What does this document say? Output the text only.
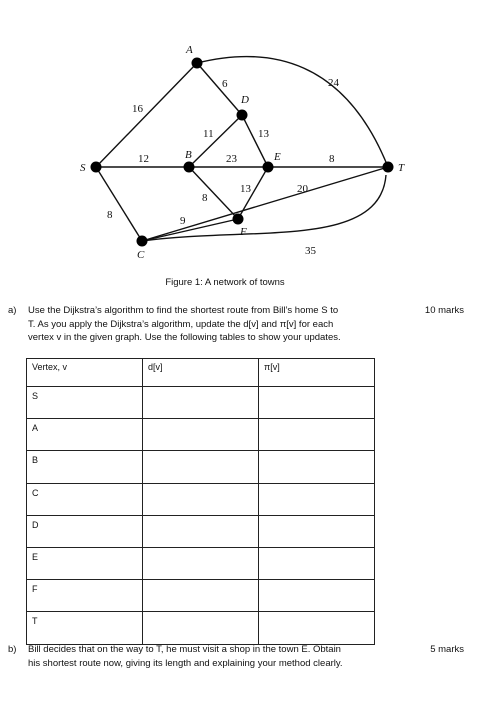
16
6	24
11	13
12	23	8
8
13
8	9
20
35
A
D
S
B	E
T
F
C
Figure 1: A network of towns
a) Use the Dijkstra’s algorithm to find the shortest route from Bill’s home S to
T. As you apply the Dijkstra’s algorithm, update the d[v] and π[v] for each
vertex v in the given graph. Use the following tables to show your updates.
10 marks
Vertex, v	d[v]	π[v]
S		
A		
B		
C		
D		
E		
F		
T		
b) Bill decides that on the way to T, he must visit a shop in the town E. Obtain
his shortest route now, giving its length and explaining your method clearly.
5 marks
